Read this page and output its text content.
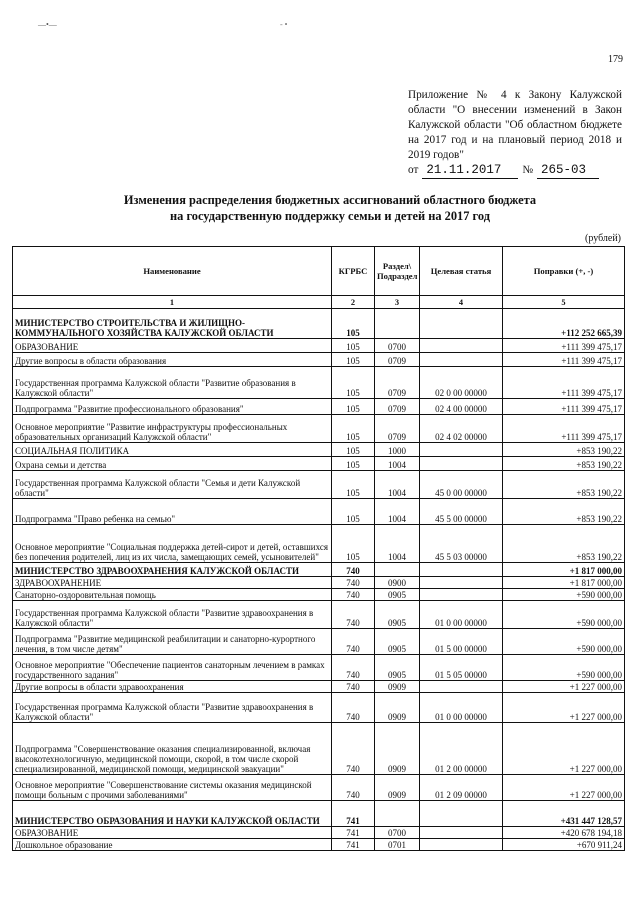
—•—	- •
179
Приложение № 4 к Закону Калужской области "О внесении изменений в Закон Калужской области "Об областном бюджете на 2017 год и на плановый период 2018 и 2019 годов"
от 21.11.2017	№ 265-03
Изменения распределения бюджетных ассигнований областного бюджета
на государственную поддержку семьи и детей на 2017 год
(рублей)
Наименование	КГРБС	Раздел\ Подраздел	Целевая статья	Поправки (+, -)
1	2	3	4	5
МИНИСТЕРСТВО СТРОИТЕЛЬСТВА И ЖИЛИЩНО-КОММУНАЛЬНОГО ХОЗЯЙСТВА КАЛУЖСКОЙ ОБЛАСТИ	105			+112 252 665,39
ОБРАЗОВАНИЕ	105	0700		+111 399 475,17
Другие вопросы в области образования	105	0709		+111 399 475,17
Государственная программа Калужской области "Развитие образования в Калужской области"	105	0709	02 0 00 00000	+111 399 475,17
Подпрограмма "Развитие профессионального образования"	105	0709	02 4 00 00000	+111 399 475,17
Основное мероприятие "Развитие инфраструктуры профессиональных образовательных организаций Калужской области"	105	0709	02 4 02 00000	+111 399 475,17
СОЦИАЛЬНАЯ ПОЛИТИКА	105	1000		+853 190,22
Охрана семьи и детства	105	1004		+853 190,22
Государственная программа Калужской области "Семья и дети Калужской области"	105	1004	45 0 00 00000	+853 190,22
Подпрограмма "Право ребенка на семью"	105	1004	45 5 00 00000	+853 190,22
Основное мероприятие "Социальная поддержка детей-сирот и детей, оставшихся без попечения родителей, лиц из их числа, замещающих семей, усыновителей"	105	1004	45 5 03 00000	+853 190,22
МИНИСТЕРСТВО ЗДРАВООХРАНЕНИЯ КАЛУЖСКОЙ ОБЛАСТИ	740			+1 817 000,00
ЗДРАВООХРАНЕНИЕ	740	0900		+1 817 000,00
Санаторно-оздоровительная помощь	740	0905		+590 000,00
Государственная программа Калужской области "Развитие здравоохранения в Калужской области"	740	0905	01 0 00 00000	+590 000,00
Подпрограмма "Развитие медицинской реабилитации и санаторно-курортного лечения, в том числе детям"	740	0905	01 5 00 00000	+590 000,00
Основное мероприятие "Обеспечение пациентов санаторным лечением в рамках государственного задания"	740	0905	01 5 05 00000	+590 000,00
Другие вопросы в области здравоохранения	740	0909		+1 227 000,00
Государственная программа Калужской области "Развитие здравоохранения в Калужской области"	740	0909	01 0 00 00000	+1 227 000,00
Подпрограмма "Совершенствование оказания специализированной, включая высокотехнологичную, медицинской помощи, скорой, в том числе скорой специализированной, медицинской помощи, медицинской эвакуации"	740	0909	01 2 00 00000	+1 227 000,00
Основное мероприятие "Совершенствование системы оказания медицинской помощи больным с прочими заболеваниями"	740	0909	01 2 09 00000	+1 227 000,00
МИНИСТЕРСТВО ОБРАЗОВАНИЯ И НАУКИ КАЛУЖСКОЙ ОБЛАСТИ	741			+431 447 128,57
ОБРАЗОВАНИЕ	741	0700		+420 678 194,18
Дошкольное образование	741	0701		+670 911,24
